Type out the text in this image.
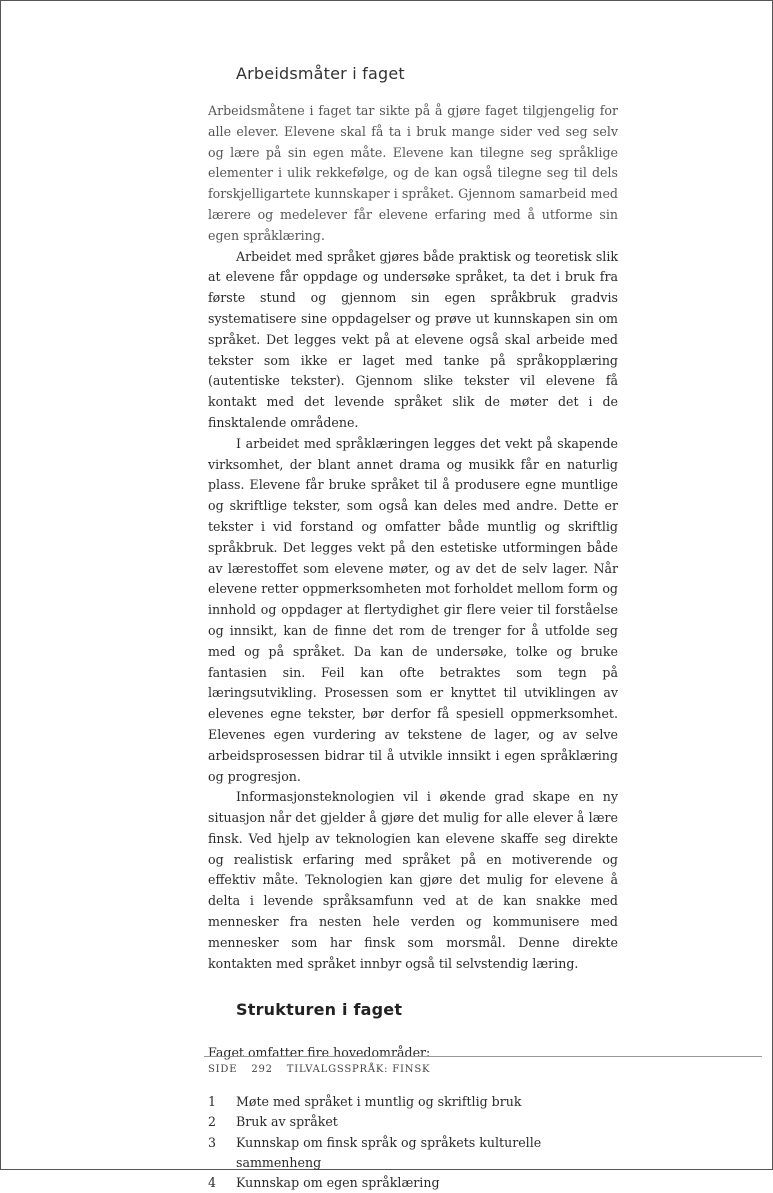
Arbeidsmåter i faget

Arbeidsmåtene i faget tar sikte på å gjøre faget tilgjengelig for alle elever. Elevene skal få ta i bruk mange sider ved seg selv og lære på sin egen måte. Elevene kan tilegne seg språklige elementer i ulik rekkefølge, og de kan også tilegne seg til dels forskjelligartete kunnskaper i språket. Gjennom samarbeid med lærere og medelever får elevene erfaring med å utforme sin egen språklæring.

Arbeidet med språket gjøres både praktisk og teoretisk slik at elevene får oppdage og undersøke språket, ta det i bruk fra første stund og gjennom sin egen språkbruk gradvis systematisere sine oppdagelser og prøve ut kunnskapen sin om språket. Det legges vekt på at elevene også skal arbeide med tekster som ikke er laget med tanke på språkopplæring (autentiske tekster). Gjennom slike tekster vil elevene få kontakt med det levende språket slik de møter det i de finsktalende områdene.

I arbeidet med språklæringen legges det vekt på skapende virksomhet, der blant annet drama og musikk får en naturlig plass. Elevene får bruke språket til å produsere egne muntlige og skriftlige tekster, som også kan deles med andre. Dette er tekster i vid forstand og omfatter både muntlig og skriftlig språkbruk. Det legges vekt på den estetiske utformingen både av lærestoffet som elevene møter, og av det de selv lager. Når elevene retter oppmerksomheten mot forholdet mellom form og innhold og oppdager at flertydighet gir flere veier til forståelse og innsikt, kan de finne det rom de trenger for å utfolde seg med og på språket. Da kan de undersøke, tolke og bruke fantasien sin. Feil kan ofte betraktes som tegn på læringsutvikling. Prosessen som er knyttet til utviklingen av elevenes egne tekster, bør derfor få spesiell oppmerksomhet. Elevenes egen vurdering av tekstene de lager, og av selve arbeidsprosessen bidrar til å utvikle innsikt i egen språklæring og progresjon.

Informasjonsteknologien vil i økende grad skape en ny situasjon når det gjelder å gjøre det mulig for alle elever å lære finsk. Ved hjelp av teknologien kan elevene skaffe seg direkte og realistisk erfaring med språket på en motiverende og effektiv måte. Teknologien kan gjøre det mulig for elevene å delta i levende språksamfunn ved at de kan snakke med mennesker fra nesten hele verden og kommunisere med mennesker som har finsk som morsmål. Denne direkte kontakten med språket innbyr også til selvstendig læring.

Strukturen i faget

Faget omfatter fire hovedområder:

1	Møte med språket i muntlig og skriftlig bruk
2	Bruk av språket
3	Kunnskap om finsk språk og språkets kulturelle sammenheng
4	Kunnskap om egen språklæring
SIDE 292 TILVALGSSPRÅK: FINSK
